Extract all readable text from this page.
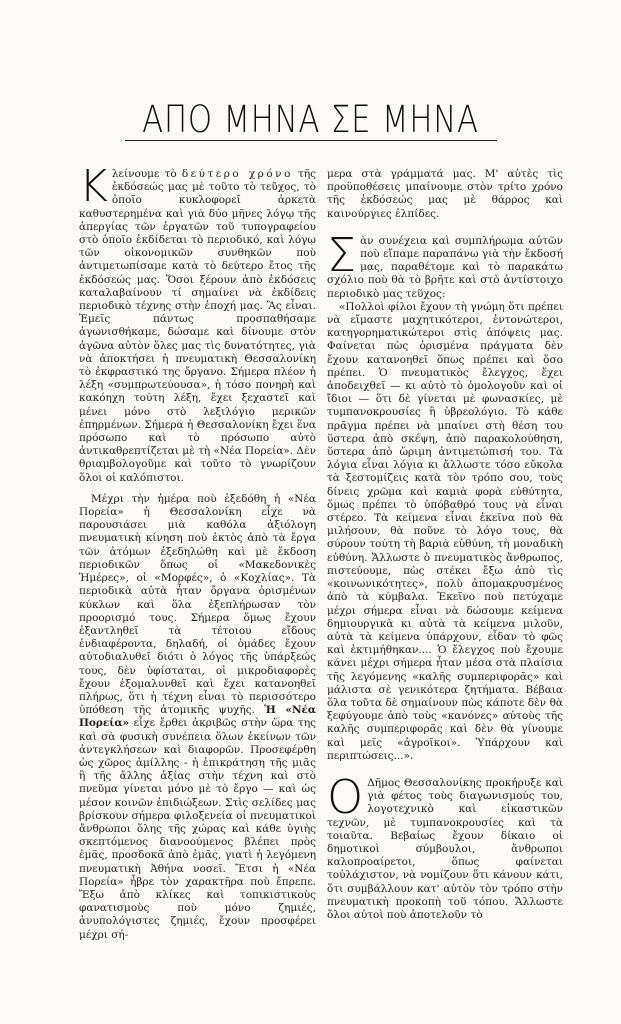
ΑΠΟ ΜΗΝΑ ΣΕ ΜΗΝΑ

Κλείνουμε τὸ δεύτερο χρόνο τῆς ἐκδόσεώς μας μὲ τοῦτο τὸ τεῦχος, τὸ ὁποῖο κυκλοφορεῖ ἀρκετὰ καθυστερημένα καὶ γιὰ δύο μῆνες λόγῳ τῆς ἀπεργίας τῶν ἐργατῶν τοῦ τυπογραφείου στὸ ὁποῖο ἐκδίδεται τὸ περιοδικό, καὶ λόγῳ τῶν οἰκονομικῶν συνθηκῶν ποὺ ἀντιμετωπίσαμε κατὰ τὸ δεύτερο ἔτος τῆς ἐκδόσεώς μας. Ὅσοι ξέρουν ἀπὸ ἐκδόσεις καταλαβαίνουν τί σημαίνει νὰ ἐκδίδεις περιοδικὸ τέχνης στὴν ἐποχή μας. Ἂς εἶναι. Ἐμεῖς πάντως προσπαθήσαμε ἀγωνισθήκαμε, δώσαμε καὶ δίνουμε στὸν ἀγῶνα αὐτὸν ὅλες μας τὶς δυνατότητες, γιὰ νὰ ἀποκτήσει ἡ πνευματικὴ Θεσσαλονίκη τὸ ἐκφραστικό της ὄργανο. Σήμερα πλέον ἡ λέξη «συμπρωτεύουσα», ἡ τόσο πονηρὴ καὶ κακόηχη τούτη λέξη, ἔχει ξεχαστεῖ καὶ μένει μόνο στὸ λεξιλόγιο μερικῶν ἐπηρμένων. Σήμερα ἡ Θεσσαλονίκη ἔχει ἕνα πρόσωπο καὶ τὸ πρόσωπο αὐτὸ ἀντικαθρεπτίζεται μὲ τὴ «Νέα Πορεία». Δὲν θριαμβολογοῦμε καὶ τοῦτο τὸ γνωρίζουν ὅλοι οἱ καλόπιστοι.

Μέχρι τὴν ἡμέρα ποὺ ἐξεδόθη ἡ «Νέα Πορεία» ἡ Θεσσαλονίκη εἶχε νὰ παρουσιάσει μιὰ καθόλα ἀξιόλογη πνευματικὴ κίνηση ποὺ ἐκτὸς ἀπὸ τὰ ἔργα τῶν ἀτόμων ἐξεδηλώθη καὶ μὲ ἔκδοση περιοδικῶν ὅπως οἱ «Μακεδονικὲς Ἡμέρες», οἱ «Μορφές», ὁ «Κοχλίας». Τὰ περιοδικὰ αὐτὰ ἦταν ὄργανα ὁρισμένων κύκλων καὶ ὅλα ἐξεπλήρωσαν τὸν προορισμό τους. Σήμερα ὅμως ἔχουν ἐξαντληθεῖ τὰ τέτοιου εἴδους ἐνδιαφέροντα, δηλαδή, οἱ ὁμάδες ἔχουν αὐτοδιαλυθεῖ διότι ὁ λόγος τῆς ὑπάρξεώς τους, δὲν ὑφίσταται, οἱ μικροδιαφορὲς ἔχουν ἐξομαλυνθεῖ καὶ ἔχει κατανοηθεῖ πλήρως, ὅτι ἡ τέχνη εἶναι τὸ περισσότερο ὑπόθεση τῆς ἀτομικῆς ψυχῆς. Ἡ «Νέα Πορεία» εἶχε ἔρθει ἀκριβῶς στὴν ὥρα της καὶ σὰ φυσικὴ συνέπεια ὅλων ἐκείνων τῶν ἀντεγκλήσεων καὶ διαφορῶν. Προσεφέρθη ὡς χῶρος ἁμίλλης - ἡ ἐπικράτηση τῆς μιᾶς ἢ τῆς ἄλλης ἀξίας στὴν τέχνη καὶ στὸ πνεῦμα γίνεται μόνο μὲ τὸ ἔργο — καὶ ὡς μέσον κοινῶν ἐπιδιώξεων. Στὶς σελίδες μας βρίσκουν σήμερα φιλοξενεία οἱ πνευματικοὶ ἄνθρωποι ὅλης τῆς χώρας καὶ κάθε ὑγιὴς σκεπτόμενος διανοούμενος βλέπει πρὸς ἐμᾶς, προσδοκᾶ ἀπὸ ἐμᾶς, γιατὶ ἡ λεγόμενη πνευματικὴ Ἀθήνα νοσεῖ. Ἔτσι ἡ «Νέα Πορεία» ἦβρε τὸν χαρακτῆρα ποὺ ἔπρεπε. Ἔξω ἀπὸ κλίκες καὶ τοπικιστικοὺς φανατισμοὺς ποὺ μόνο ζημιές, ἀνυπολόγιστες ζημιές, ἔχουν προσφέρει μέχρι σή-

μερα στὰ γράμματά μας. Μ' αὐτὲς τὶς προϋποθέσεις μπαίνουμε στὸν τρίτο χρόνο τῆς ἐκδόσεώς μας μὲ θάρρος καὶ καινούργιες ἐλπίδες.

Σὰν συνέχεια καὶ συμπλήρωμα αὐτῶν ποὺ εἴπαμε παραπάνω γιὰ τὴν ἔκδοσή μας, παραθέτομε καὶ τὸ παρακάτω σχόλιο ποὺ θὰ τὸ βρῆτε καὶ στὸ ἀντίστοιχο περιοδικὸ μας τεῦχος:

«Πολλοὶ φίλοι ἔχουν τὴ γνώμη ὅτι πρέπει νὰ εἴμαστε μαχητικότεροι, ἐντονώτεροι, κατηγορηματικώτεροι στὶς ἀπόψεις μας. Φαίνεται πὼς ὁρισμένα πράγματα δὲν ἔχουν κατανοηθεῖ ὅπως πρέπει καὶ ὅσο πρέπει. Ὁ πνευματικὸς ἔλεγχος, ἔχει ἀποδειχθεῖ — κι αὐτὸ τὸ ὁμολογοῦν καὶ οἱ ἴδιοι — ὅτι δὲ γίνεται μὲ φωνασκίες, μὲ τυμπανοκρουσίες ἢ ὑβρεολόγιο. Τὸ κάθε πρᾶγμα πρέπει νὰ μπαίνει στὴ θέση του ὕστερα ἀπὸ σκέψη, ἀπὸ παρακολούθηση, ὕστερα ἀπὸ ὥριμη ἀντιμετώπισή του. Τὰ λόγια εἶναι λόγια κι ἄλλωστε τόσο εὔκολα τὰ ξεστομίζεις κατὰ τὸν τρόπο σου, τοὺς δίνεις χρῶμα καὶ καμιὰ φορὰ εὐθύτητα, ὅμως πρέπει τὸ ὑπόβαθρό τους νὰ εἶναι στέρεο. Τὰ κείμενα εἶναι ἐκεῖνα ποὺ θὰ μιλήσουν, θὰ ποῦνε τὸ λόγο τους, θὰ σύρουν τούτη τὴ βαριὰ εὐθύνη, τὴ μοναδικὴ εὐθύνη. Ἄλλωστε ὁ πνευματικὸς ἄνθρωπος, πιστεύουμε, πὼς στέκει ἔξω ἀπὸ τὶς «κοινωνικότητες», πολὺ ἀπομακρυσμένος ἀπὸ τὰ κύμβαλα. Ἐκεῖνο ποὺ πετύχαμε μέχρι σήμερα εἶναι νὰ δώσουμε κείμενα δημιουργικὰ κι αὐτὰ τὰ κείμενα μιλοῦν, αὐτὰ τὰ κείμενα ὑπάρχουν, εἶδαν τὸ φῶς καὶ ἐκτιμήθηκαν.... Ὁ ἔλεγχος ποὺ ἔχουμε κάνει μέχρι σήμερα ἦταν μέσα στὰ πλαίσια τῆς λεγόμενης «καλῆς συμπεριφορᾶς» καὶ μάλιστα σὲ γενικότερα ζητήματα. Βέβαια ὅλα τοῦτα δὲ σημαίνουν πὼς κάποτε δὲν θὰ ξεφύγουμε ἀπὸ τοὺς «κανόνες» αὐτοὺς τῆς καλῆς συμπεριφορᾶς καὶ δὲν θὰ γίνουμε καὶ μεῖς «ἀγροῖκοι». Ὑπάρχουν καὶ περιπτώσεις...».

Ο Δῆμος Θεσσαλονίκης προκήρυξε καὶ γιὰ φέτος τοὺς διαγωνισμούς του, λογοτεχνικὸ καὶ εἰκαστικῶν τεχνῶν, μὲ τυμπανοκρουσίες καὶ τὰ τοιαῦτα. Βεβαίως ἔχουν δίκαιο οἱ δημοτικοὶ σύμβουλοι, ἄνθρωποι καλοπροαίρετοι, ὅπως φαίνεται τοὐλάχιστον, νὰ νομίζουν ὅτι κάνουν κάτι, ὅτι συμβάλλουν κατ' αὐτὸν τὸν τρόπο στὴν πνευματικὴ προκοπὴ τοῦ τόπου. Ἄλλωστε ὅλοι αὐτοὶ ποὺ ἀποτελοῦν τὸ
